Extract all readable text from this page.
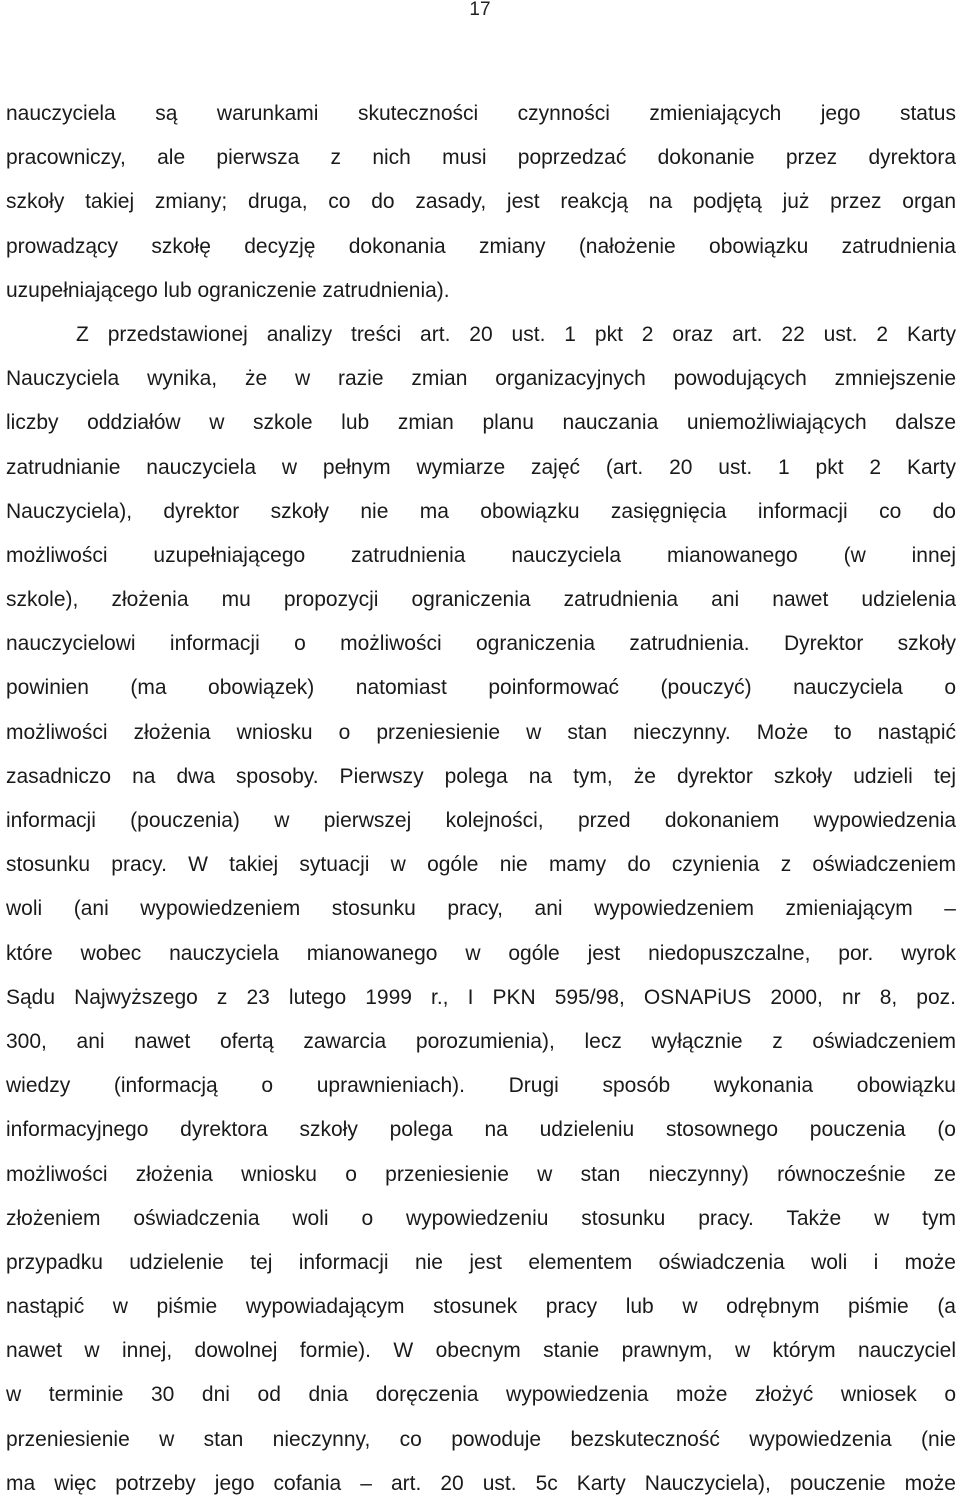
17
nauczyciela są warunkami skuteczności czynności zmieniających jego status
pracowniczy, ale pierwsza z nich musi poprzedzać dokonanie przez dyrektora
szkoły takiej zmiany; druga, co do zasady, jest reakcją na podjętą już przez organ
prowadzący szkołę decyzję dokonania zmiany (nałożenie obowiązku zatrudnienia
uzupełniającego lub ograniczenie zatrudnienia).
Z przedstawionej analizy treści art. 20 ust. 1 pkt 2 oraz art. 22 ust. 2 Karty
Nauczyciela wynika, że w razie zmian organizacyjnych powodujących zmniejszenie
liczby oddziałów w szkole lub zmian planu nauczania uniemożliwiających dalsze
zatrudnianie nauczyciela w pełnym wymiarze zajęć (art. 20 ust. 1 pkt 2 Karty
Nauczyciela), dyrektor szkoły nie ma obowiązku zasięgnięcia informacji co do
możliwości uzupełniającego zatrudnienia nauczyciela mianowanego (w innej
szkole), złożenia mu propozycji ograniczenia zatrudnienia ani nawet udzielenia
nauczycielowi informacji o możliwości ograniczenia zatrudnienia. Dyrektor szkoły
powinien (ma obowiązek) natomiast poinformować (pouczyć) nauczyciela o
możliwości złożenia wniosku o przeniesienie w stan nieczynny. Może to nastąpić
zasadniczo na dwa sposoby. Pierwszy polega na tym, że dyrektor szkoły udzieli tej
informacji (pouczenia) w pierwszej kolejności, przed dokonaniem wypowiedzenia
stosunku pracy. W takiej sytuacji w ogóle nie mamy do czynienia z oświadczeniem
woli (ani wypowiedzeniem stosunku pracy, ani wypowiedzeniem zmieniającym –
które wobec nauczyciela mianowanego w ogóle jest niedopuszczalne, por. wyrok
Sądu Najwyższego z 23 lutego 1999 r., I PKN 595/98, OSNAPiUS 2000, nr 8, poz.
300, ani nawet ofertą zawarcia porozumienia), lecz wyłącznie z oświadczeniem
wiedzy (informacją o uprawnieniach). Drugi sposób wykonania obowiązku
informacyjnego dyrektora szkoły polega na udzieleniu stosownego pouczenia (o
możliwości złożenia wniosku o przeniesienie w stan nieczynny) równocześnie ze
złożeniem oświadczenia woli o wypowiedzeniu stosunku pracy. Także w tym
przypadku udzielenie tej informacji nie jest elementem oświadczenia woli i może
nastąpić w piśmie wypowiadającym stosunek pracy lub w odrębnym piśmie (a
nawet w innej, dowolnej formie). W obecnym stanie prawnym, w którym nauczyciel
w terminie 30 dni od dnia doręczenia wypowiedzenia może złożyć wniosek o
przeniesienie w stan nieczynny, co powoduje bezskuteczność wypowiedzenia (nie
ma więc potrzeby jego cofania – art. 20 ust. 5c Karty Nauczyciela), pouczenie może
